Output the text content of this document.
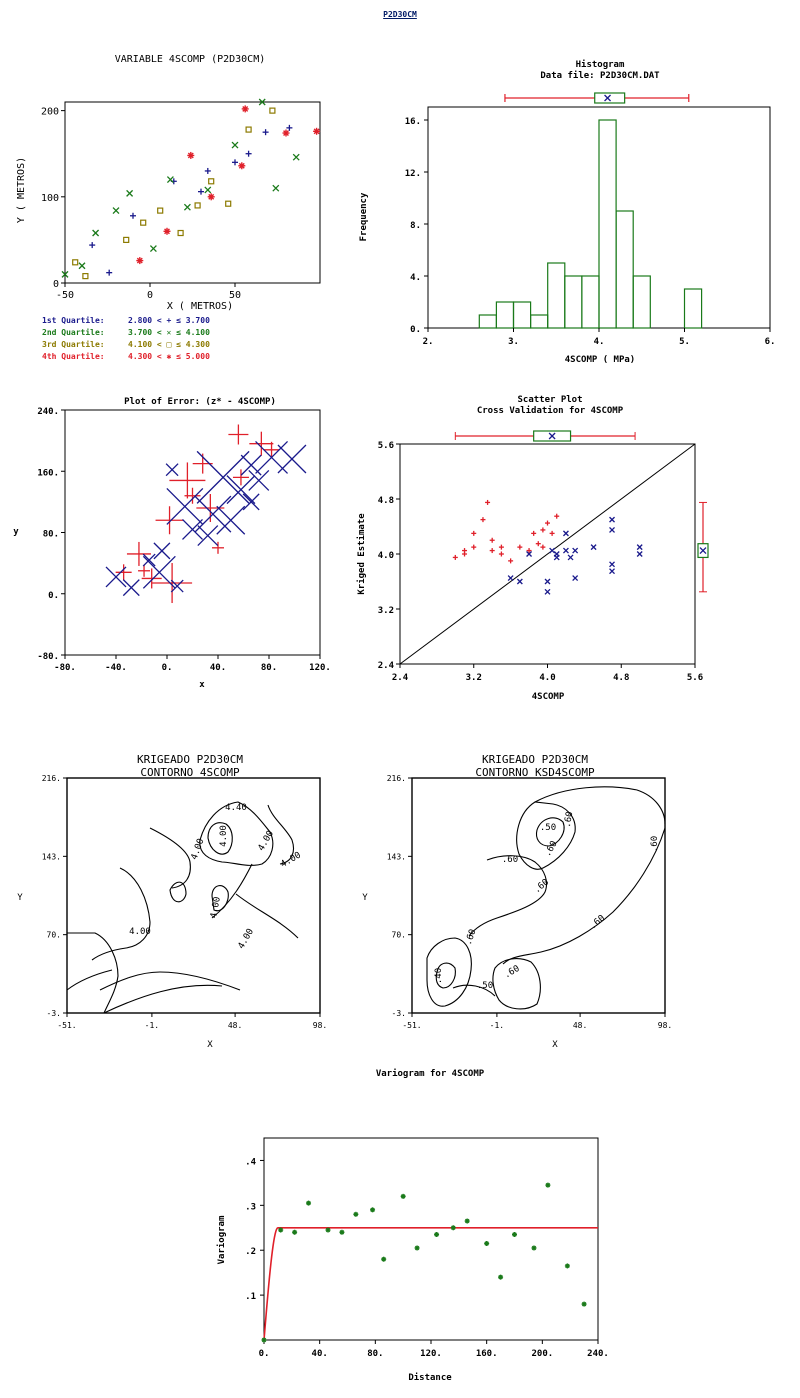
P2D30CM
VARIABLE 4SCOMP (P2D30CM)
-50	0	50
0
100
200
X ( METROS)
Y ( METROS)
1st Quartile:	2.800 < + ≤ 3.700
2nd Quartile:	3.700 < ✕ ≤ 4.100
3rd Quartile:	4.100 < □ ≤ 4.300
4th Quartile:	4.300 < ✱ ≤ 5.000
Histogram
Data file: P2D30CM.DAT
2.	3.	4.	5.	6.
0.
4.
8.
12.
16.
4SCOMP ( MPa)
Frequency
Plot of Error: (z* - 4SCOMP)
-80.	-40.	0.	40.	80.	120.
-80.
0.
80.
160.
240.
x
y
Scatter Plot
Cross Validation for 4SCOMP
2.4	3.2	4.0	4.8	5.6
2.4
3.2
4.0
4.8
5.6
4SCOMP
Kriged Estimate
KRIGEADO P2D30CM
CONTORNO 4SCOMP
-51.	-1.	48.	98.
-3.
70.
143.
216.
X
Y
4.40
4.00
4.00	4.00
4.00
4.00
4.00	4.00
KRIGEADO P2D30CM
CONTORNO KSD4SCOMP
-51.	-1.	48.	98.
-3.
70.
143.
216.
X
Y
.50 .60
.60
.60
.60
.60
.60
.60
.40
.50
.60
Variogram for 4SCOMP
0.	40.	80.	120.	160.	200.	240.
.1
.2
.3
.4
Distance
Variogram
